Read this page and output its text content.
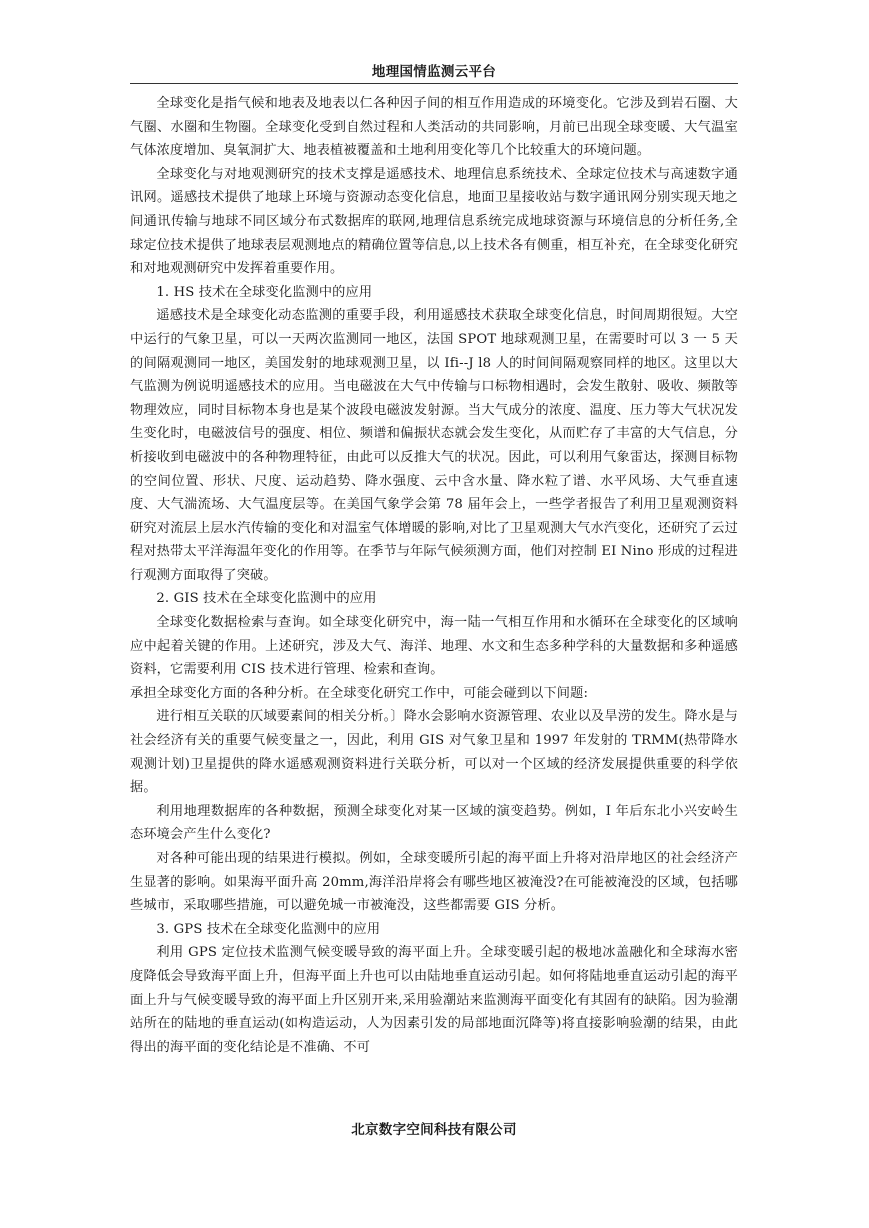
地理国情监测云平台

全球变化是指气候和地表及地表以仁各种因子间的相互作用造成的环境变化。它涉及到岩石圈、大气圈、水圈和生物圈。全球变化受到自然过程和人类活动的共同影响，月前已出现全球变暖、大气温室气体浓度增加、臭氧洞扩大、地表植被覆盖和土地利用变化等几个比较重大的环境问题。

全球变化与对地观测研究的技术支撑是遥感技术、地理信息系统技术、全球定位技术与高速数字通讯网。遥感技术提供了地球上环境与资源动态变化信息，地面卫星接收站与数字通讯网分别实现天地之间通讯传输与地球不同区域分布式数据库的联网,地理信息系统完成地球资源与环境信息的分析任务,全球定位技术提供了地球表层观测地点的精确位置等信息,以上技术各有侧重，相互补充，在全球变化研究和对地观测研究中发挥着重要作用。

1. HS 技术在全球变化监测中的应用

遥感技术是全球变化动态监测的重要手段，利用遥感技术获取全球变化信息，时间周期很短。大空中运行的气象卫星，可以一天两次监测同一地区，法国 SPOT 地球观测卫星，在需要时可以 3 一 5 天的间隔观测同一地区，美国发射的地球观测卫星，以 Ifi--J l8 人的时间间隔观察同样的地区。这里以大气监测为例说明遥感技术的应用。当电磁波在大气中传输与口标物相遇时，会发生散射、吸收、频散等物理效应，同时目标物本身也是某个波段电磁波发射源。当大气成分的浓度、温度、压力等大气状况发生变化时，电磁波信号的强度、相位、频谱和偏振状态就会发生变化，从而贮存了丰富的大气信息，分析接收到电磁波中的各种物理特征，由此可以反推大气的状况。因此，可以利用气象雷达，探测目标物的空间位置、形状、尺度、运动趋势、降水强度、云中含水量、降水粒了谱、水平风场、大气垂直速度、大气湍流场、大气温度层等。在美国气象学会第 78 届年会上，一些学者报告了利用卫星观测资料研究对流层上层水汽传输的变化和对温室气体增暖的影响,对比了卫星观测大气水汽变化，还研究了云过程对热带太平洋海温年变化的作用等。在季节与年际气候须测方面，他们对控制 EI Nino 形成的过程进行观测方面取得了突破。

2. GIS 技术在全球变化监测中的应用

全球变化数据检索与查询。如全球变化研究中，海一陆一气相互作用和水循环在全球变化的区域响应中起着关键的作用。上述研究，涉及大气、海洋、地理、水文和生态多种学科的大量数据和多种遥感资料，它需要利用 CIS 技术进行管理、检索和查询。

承担全球变化方面的各种分析。在全球变化研究工作中，可能会碰到以下间题:

进行相互关联的仄域要素间的相关分析。〕降水会影响水资源管理、农业以及旱涝的发生。降水是与社会经济有关的重要气候变量之一，因此，利用 GIS 对气象卫星和 1997 年发射的 TRMM(热带降水观测计划)卫星提供的降水遥感观测资料进行关联分析，可以对一个区域的经济发展提供重要的科学依据。

利用地理数据库的各种数据，预测全球变化对某一区域的演变趋势。例如，I 年后东北小兴安岭生态环境会产生什么变化?

对各种可能出现的结果进行模拟。例如，全球变暖所引起的海平面上升将对沿岸地区的社会经济产生显著的影响。如果海平面升高 20mm,海洋沿岸将会有哪些地区被淹没?在可能被淹没的区域，包括哪些城市，采取哪些措施，可以避免城一市被淹没，这些都需要 GIS 分析。

3. GPS 技术在全球变化监测中的应用

利用 GPS 定位技术监测气候变暖导致的海平面上升。全球变暖引起的极地冰盖融化和全球海水密度降低会导致海平面上升，但海平面上升也可以由陆地垂直运动引起。如何将陆地垂直运动引起的海平面上升与气候变暖导致的海平面上升区别开来,采用验潮站来监测海平面变化有其固有的缺陷。因为验潮站所在的陆地的垂直运动(如构造运动，人为因素引发的局部地面沉降等)将直接影响验潮的结果，由此得出的海平面的变化结论是不准确、不可

北京数字空间科技有限公司
